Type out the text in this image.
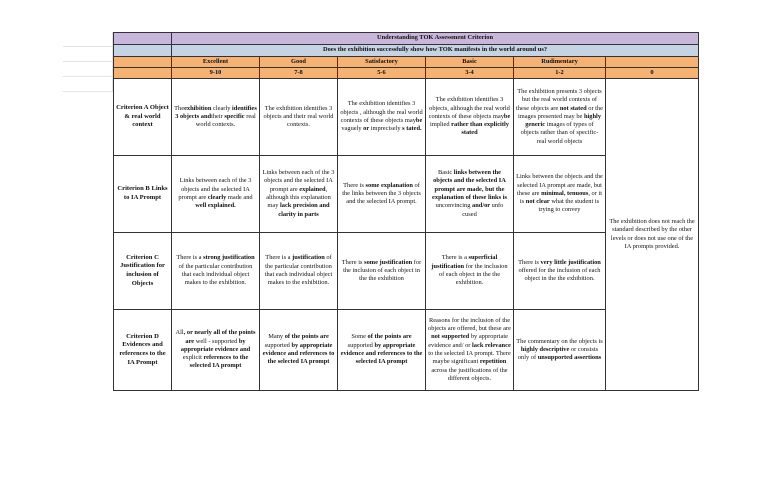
	Understanding TOK Assessment Criterion					
	Does the exhibition successfully show how TOK manifests in the world around us?					
	Excellent	Good	Satisfactory	Basic	Rudimentary	
	9-10	7-8	5-6	3-4	1-2	0
Criterion A Object & real world context	Theexhibition clearly identifies 3 objects andtheir specific real world contexts.	The exhibition identifies 3 objects and their real world contexts.	The exhibition identifies 3 objects , although the real world contexts of these objects maybe vaguely or imprecisely s tated.	The exhibition identifies 3 objects, although the real world contexts of these objects maybe implied rather than explicitly stated	The exhibition presents 3 objects but the real world contexts of these objects are not stated or the images presented may be highly generic images of types of objects rather than of specific- real world objects	The exhibition does not reach the standard described by the other levels or does not use one of the IA prompts provided.
Criterion B Links to IA Prompt	Links between each of the 3 objects and the selected IA prompt are clearly made and well explained.	Links between each of the 3 objects and the selected IA prompt are explained, although this explanation may lack precision and clarity in parts	There is some explanation of the links between the 3 objects and the selected IA prompt.	Basic links between the objects and the selected IA prompt are made, but the explanation of these links is unconvincing and/or unfo cused	Links between the objects and the selected IA prompt are made, but these are minimal, tenuous, or it is not clear what the student is trying to convey	
Criterion C Justification for inclusion of Objects	There is a strong justification of the particular contribution that each individual object makes to the exhibition.	There is a justification of the particular contribution that each individual object makes to the exhibition.	There is some justification for the inclusion of each object in the the exhibition	There is a superficial justification for the inclusion of each object in the the exhibition.	There is very little justification offered for the inclusion of each object in the the exhibition.	
Criterion D Evidences and references to the IA Prompt	All, or nearly all of the points are well - supported by appropriate evidence and explicit references to the selected IA prompt	Many of the points are supported by appropriate evidence and references to the selected IA prompt	Some of the points are supported by appropriate evidence and references to the selected IA prompt	Reasons for the inclusion of the objects are offered, but these are not supported by appropriate evidence and/ or lack relevance to the selected IA prompt. There maybe significant repetition across the justifications of the different objects.	The commentary on the objects is highly descriptive or consists only of unsupported assertions	
